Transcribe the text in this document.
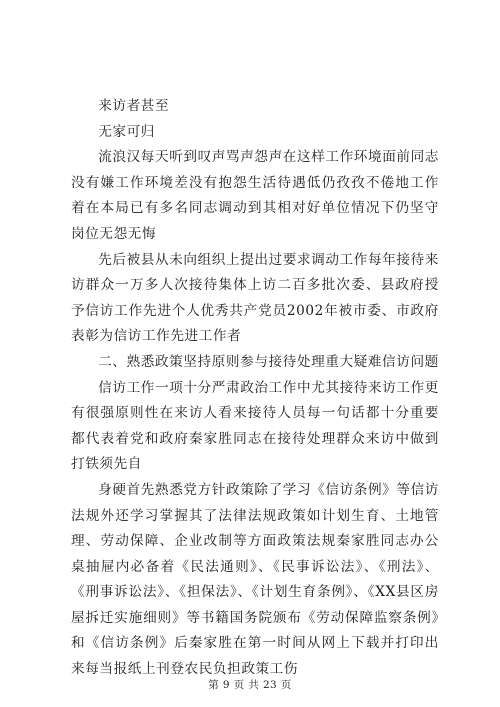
来访者甚至

无家可归

流浪汉每天听到叹声骂声怨声在这样工作环境面前同志没有嫌工作环境差没有抱怨生活待遇低仍孜孜不倦地工作着在本局已有多名同志调动到其相对好单位情况下仍坚守岗位无怨无悔

先后被县从未向组织上提出过要求调动工作每年接待来访群众一万多人次接待集体上访二百多批次委、县政府授予信访工作先进个人优秀共产党员2002年被市委、市政府表彰为信访工作先进工作者

二、熟悉政策坚持原则参与接待处理重大疑难信访问题

信访工作一项十分严肃政治工作中尤其接待来访工作更有很强原则性在来访人看来接待人员每一句话都十分重要都代表着党和政府秦家胜同志在接待处理群众来访中做到打铁须先自

身硬首先熟悉党方针政策除了学习《信访条例》等信访法规外还学习掌握其了法律法规政策如计划生育、土地管理、劳动保障、企业改制等方面政策法规秦家胜同志办公桌抽屉内必备着《民法通则》、《民事诉讼法》、《刑法》、《刑事诉讼法》、《担保法》、《计划生育条例》、《XX县区房屋拆迁实施细则》等书籍国务院颁布《劳动保障监察条例》和《信访条例》后秦家胜在第一时间从网上下载并打印出来每当报纸上刊登农民负担政策工伤

第 9 页 共 23 页
